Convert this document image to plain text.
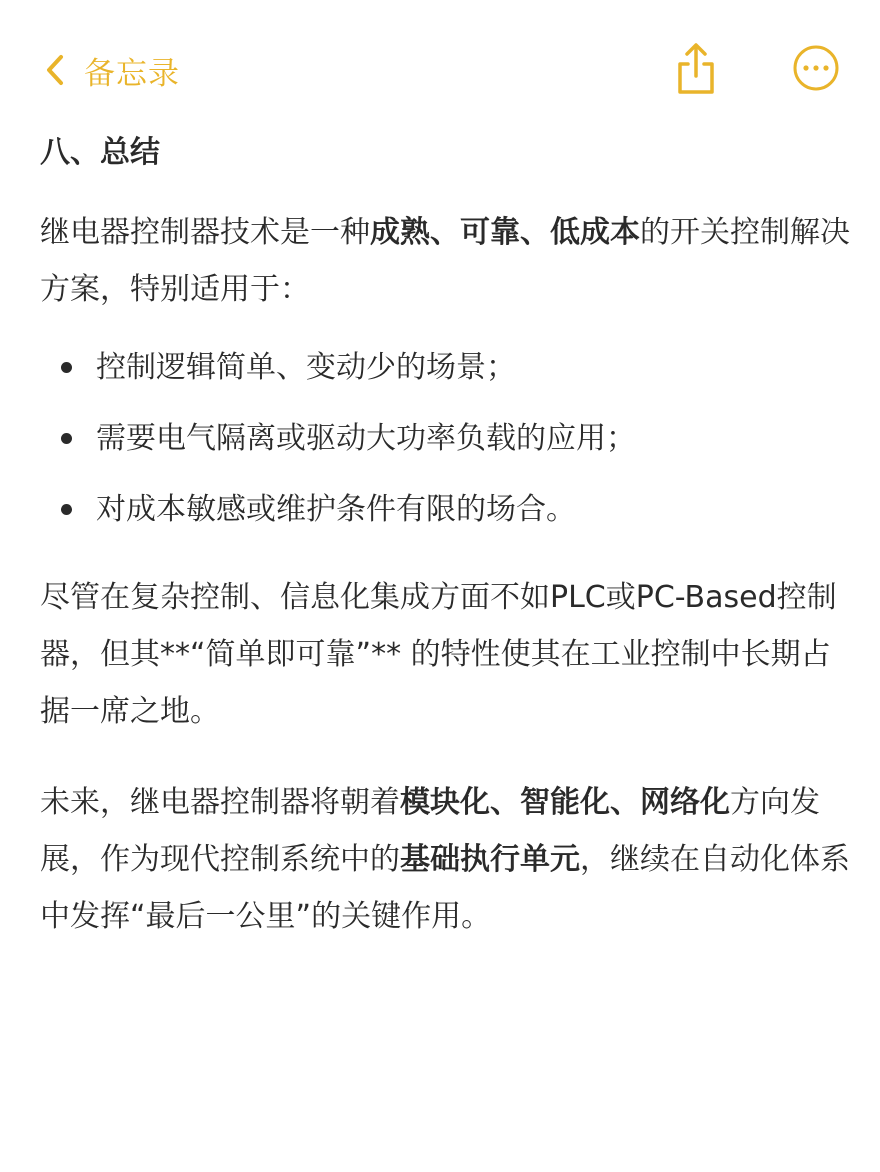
备忘录
八、总结

继电器控制器技术是一种成熟、可靠、低成本的开关控制解决方案，特别适用于：

控制逻辑简单、变动少的场景；
需要电气隔离或驱动大功率负载的应用；
对成本敏感或维护条件有限的场合。

尽管在复杂控制、信息化集成方面不如PLC或PC-Based控制器，但其**“简单即可靠”** 的特性使其在工业控制中长期占据一席之地。

未来，继电器控制器将朝着模块化、智能化、网络化方向发展，作为现代控制系统中的基础执行单元，继续在自动化体系中发挥“最后一公里”的关键作用。
